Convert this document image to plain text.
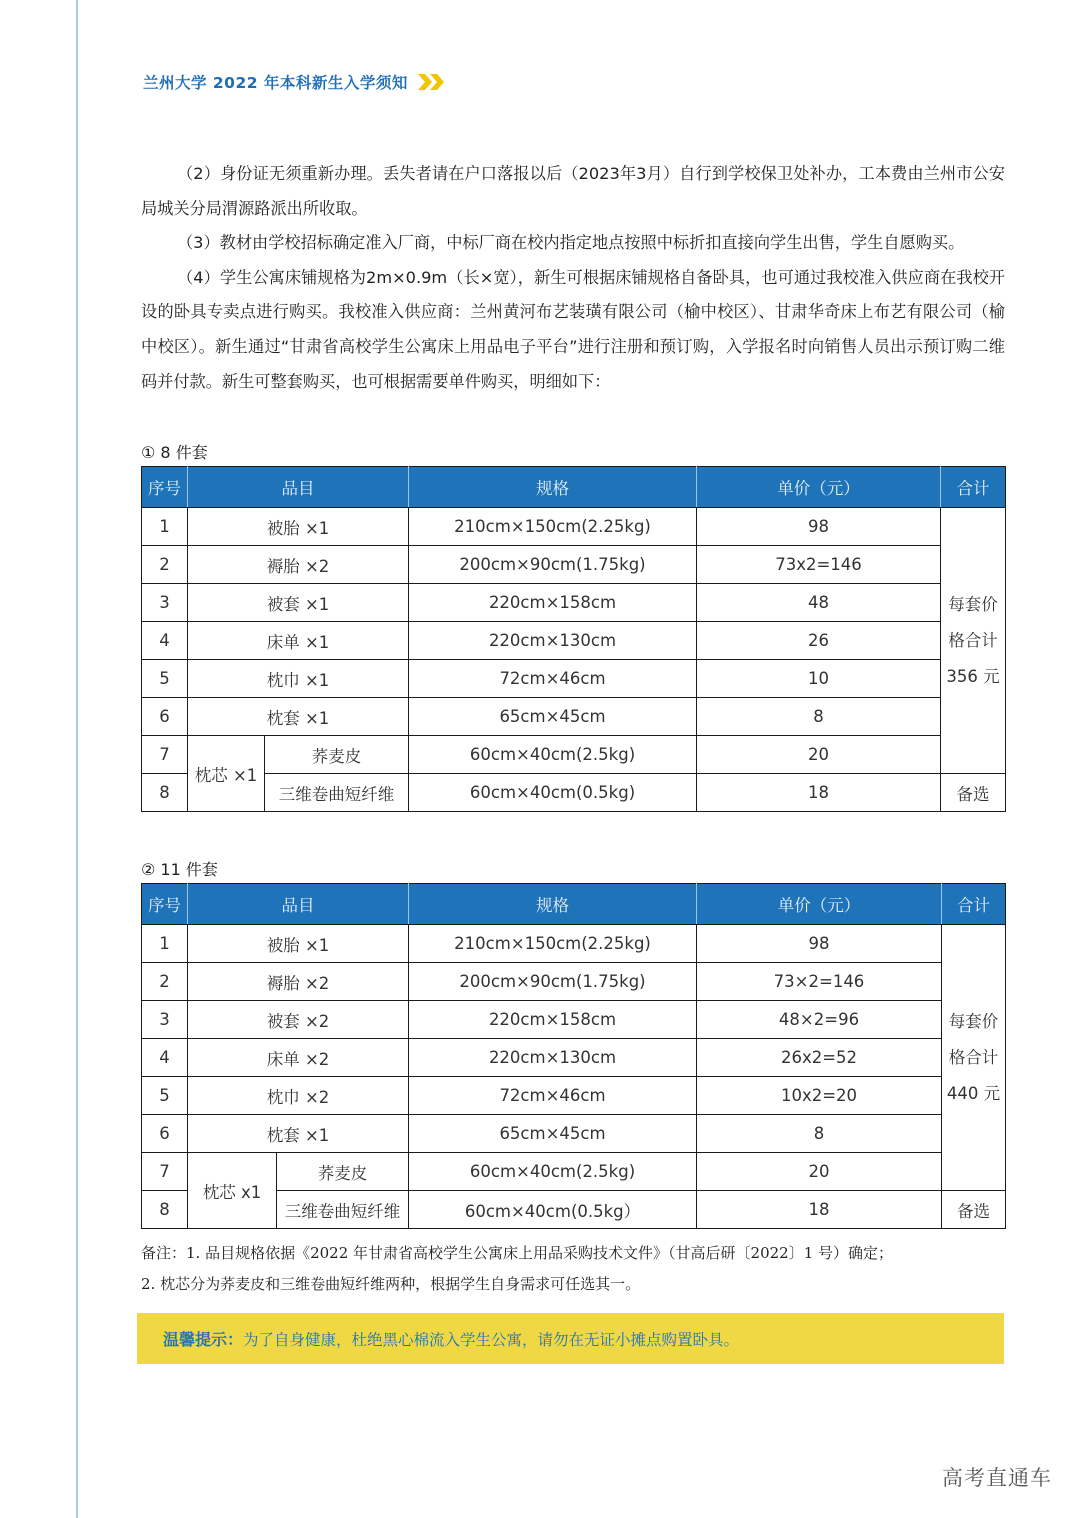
兰州大学 2022 年本科新生入学须知

（2）身份证无须重新办理。丢失者请在户口落报以后（2023年3月）自行到学校保卫处补办，工本费由兰州市公安局城关分局渭源路派出所收取。

（3）教材由学校招标确定准入厂商，中标厂商在校内指定地点按照中标折扣直接向学生出售，学生自愿购买。

（4）学生公寓床铺规格为2m×0.9m（长×宽），新生可根据床铺规格自备卧具，也可通过我校准入供应商在我校开设的卧具专卖点进行购买。我校准入供应商：兰州黄河布艺装璜有限公司（榆中校区）、甘肃华奇床上布艺有限公司（榆中校区）。新生通过“甘肃省高校学生公寓床上用品电子平台”进行注册和预订购，入学报名时向销售人员出示预订购二维码并付款。新生可整套购买，也可根据需要单件购买，明细如下：

① 8 件套
序号	品目		规格	单价（元）	合计
1	被胎 ×1		210cm×150cm(2.25kg)	98	每套价
格合计
356 元

2	褥胎 ×2		200cm×90cm(1.75kg)	73x2=146	
3	被套 ×1		220cm×158cm	48	
4	床单 ×1		220cm×130cm	26	
5	枕巾 ×1		72cm×46cm	10	
6	枕套 ×1		65cm×45cm	8	
7	枕芯 ×1	荞麦皮	60cm×40cm(2.5kg)	20	
8		三维卷曲短纤维	60cm×40cm(0.5kg)	18	备选
② 11 件套
序号	品目		规格	单价（元）	合计
1	被胎 ×1		210cm×150cm(2.25kg)	98	每套价
格合计
440 元

2	褥胎 ×2		200cm×90cm(1.75kg)	73×2=146	
3	被套 ×2		220cm×158cm	48×2=96	
4	床单 ×2		220cm×130cm	26x2=52	
5	枕巾 ×2		72cm×46cm	10x2=20	
6	枕套 ×1		65cm×45cm	8	
7	枕芯 x1	荞麦皮	60cm×40cm(2.5kg)	20	
8		三维卷曲短纤维	60cm×40cm(0.5kg）	18	备选
备注：1. 品目规格依据《2022 年甘肃省高校学生公寓床上用品采购技术文件》（甘高后研〔2022〕1 号）确定；
2. 枕芯分为荞麦皮和三维卷曲短纤维两种，根据学生自身需求可任选其一。
温馨提示： 为了自身健康，杜绝黑心棉流入学生公寓，请勿在无证小摊点购置卧具。
高考直通车
